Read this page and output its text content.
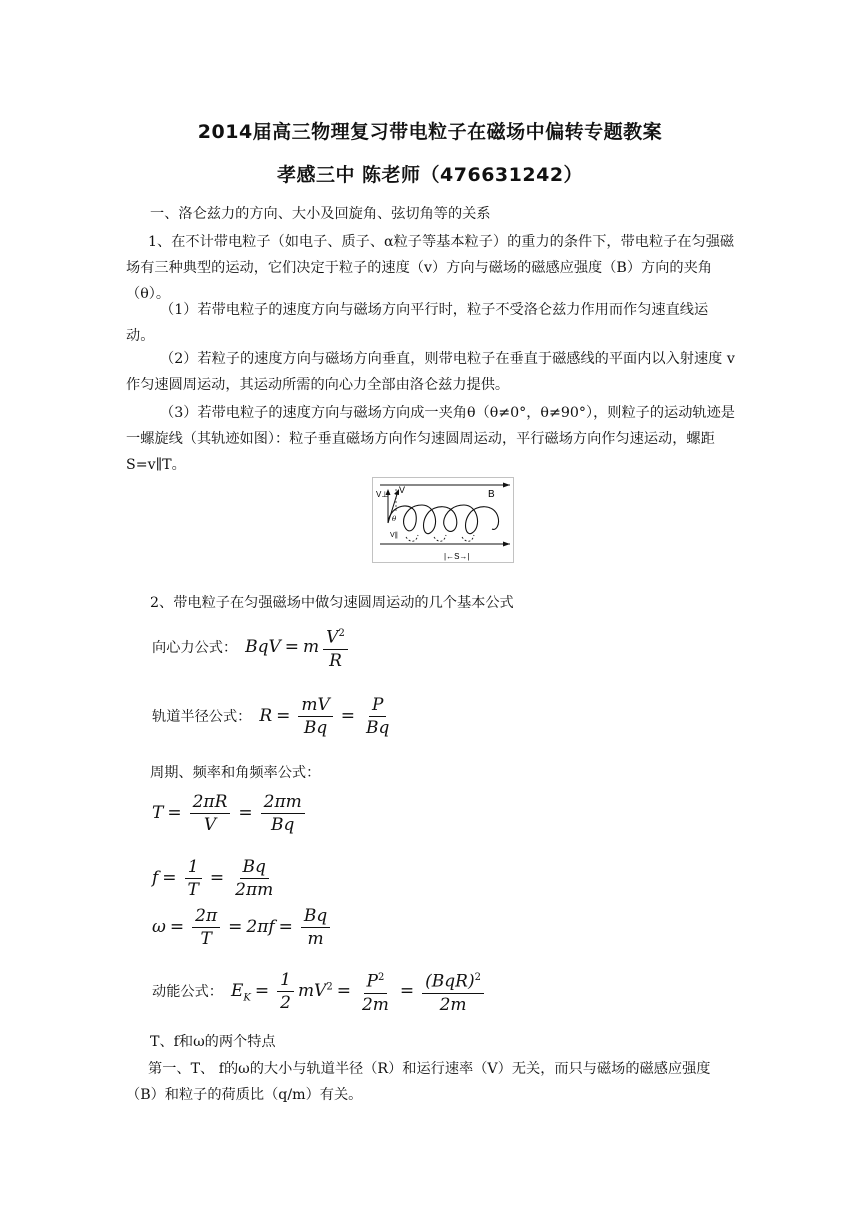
2014届高三物理复习带电粒子在磁场中偏转专题教案
孝感三中 陈老师（476631242）
一、洛仑兹力的方向、大小及回旋角、弦切角等的关系
1、在不计带电粒子（如电子、质子、α粒子等基本粒子）的重力的条件下，带电粒子在匀强磁场有三种典型的运动，它们决定于粒子的速度（v）方向与磁场的磁感应强度（B）方向的夹角（θ）。
（1）若带电粒子的速度方向与磁场方向平行时，粒子不受洛仑兹力作用而作匀速直线运动。
（2）若粒子的速度方向与磁场方向垂直，则带电粒子在垂直于磁感线的平面内以入射速度 v 作匀速圆周运动，其运动所需的向心力全部由洛仑兹力提供。
（3）若带电粒子的速度方向与磁场方向成一夹角θ（θ≠0°，θ≠90°），则粒子的运动轨迹是一螺旋线（其轨迹如图）：粒子垂直磁场方向作匀速圆周运动，平行磁场方向作匀速运动，螺距 S=v∥T。
B
V⊥ V
θ
V∥
|←S→|
2、带电粒子在匀强磁场中做匀速圆周运动的几个基本公式
向心力公式： BqV = m $\frac{V^2}{R}$
轨道半径公式： $R = \frac{mV}{Bq} = \frac{P}{Bq}$
周期、频率和角频率公式：
$T = \frac{2\pi R}{V} = \frac{2\pi m}{Bq}$
$f = \frac{1}{T} = \frac{Bq}{2\pi m}$
$\omega = \frac{2\pi}{T} = 2\pi f = \frac{Bq}{m}$
动能公式： $E_K = \frac{1}{2} mV^2 = \frac{P^2}{2m} = \frac{(BqR)^2}{2m}$
T、f和ω的两个特点
第一、T、 f的ω的大小与轨道半径（R）和运行速率（V）无关，而只与磁场的磁感应强度（B）和粒子的荷质比（q/m）有关。
